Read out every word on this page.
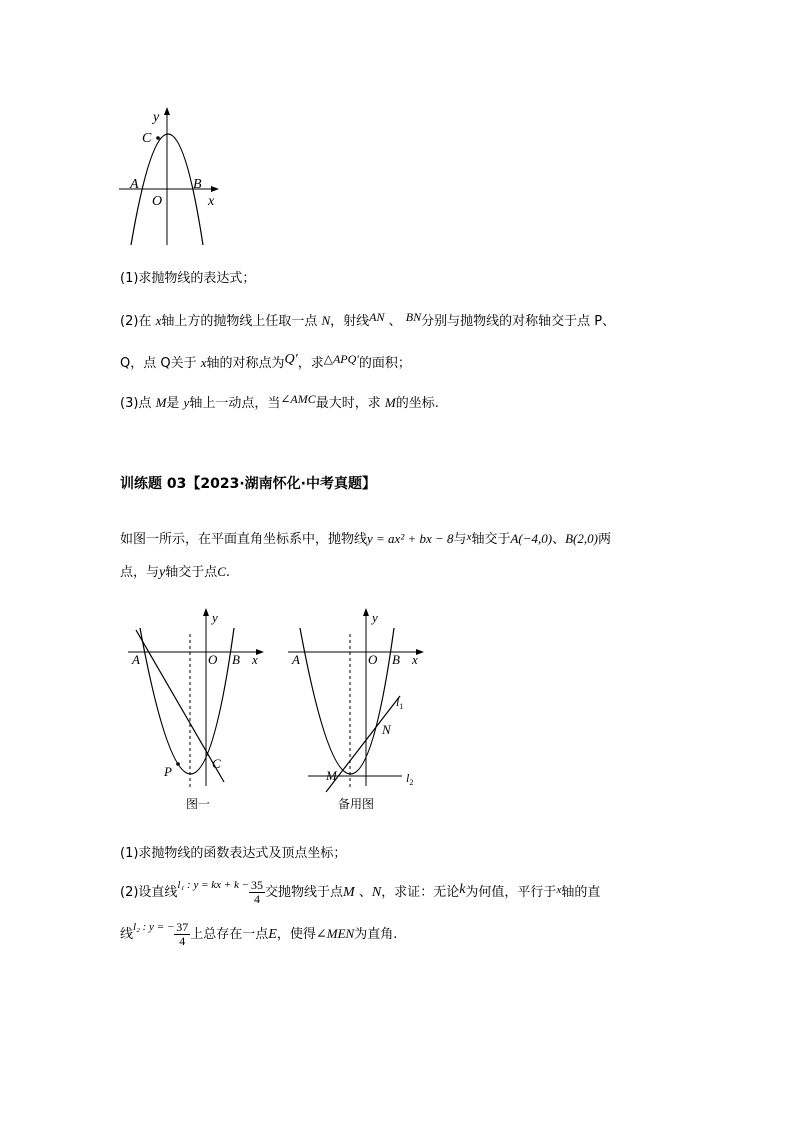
y
C
A	B
O	x
(1)求抛物线的表达式；
(2)在 x轴上方的抛物线上任取一点 N，射线AN 、 BN分别与抛物线的对称轴交于点 P、
Q，点 Q关于 x轴的对称点为Q′，求△APQ′的面积；
(3)点 M是 y轴上一动点，当∠AMC最大时，求 M的坐标.
训练题 03【2023·湖南怀化·中考真题】
如图一所示，在平面直角坐标系中，抛物线y = ax² + bx − 8与$^x$轴交于A(−4,0)、B(2,0)两
点，与y轴交于点C.
y
A	O B x
P
C
图一
y
A	O B x
$l_1$
N
M	$l_2$
备用图
(1)求抛物线的函数表达式及顶点坐标；
(2)设直线$^{l_1 : y = kx + k -} \frac{35}{4}$ 交抛物线于点M 、N，求证：无论k为何值，平行于$^x$轴的直
线$^{l_2 : y = -} \frac{37}{4}$ 上总存在一点E，使得∠MEN为直角.
